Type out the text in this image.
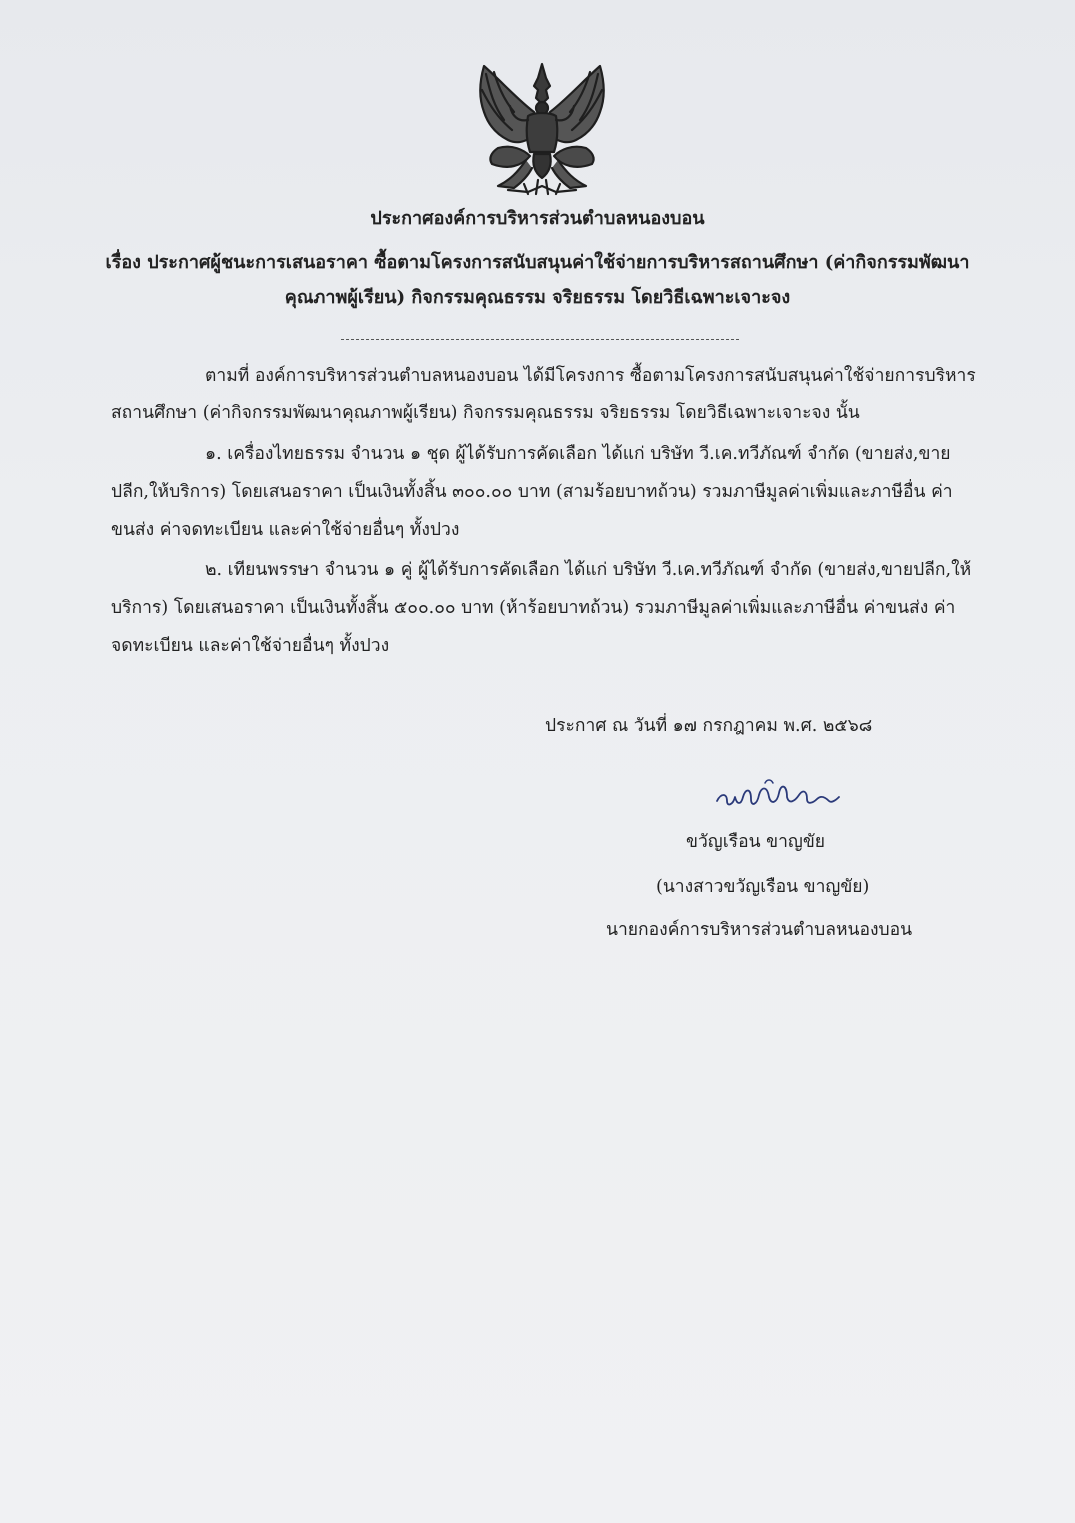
ประกาศองค์การบริหารส่วนตำบลหนองบอน
เรื่อง ประกาศผู้ชนะการเสนอราคา ซื้อตามโครงการสนับสนุนค่าใช้จ่ายการบริหารสถานศึกษา (ค่ากิจกรรมพัฒนา
คุณภาพผู้เรียน) กิจกรรมคุณธรรม จริยธรรม โดยวิธีเฉพาะเจาะจง
ตามที่ องค์การบริหารส่วนตำบลหนองบอน ได้มีโครงการ ซื้อตามโครงการสนับสนุนค่าใช้จ่ายการบริหาร
สถานศึกษา (ค่ากิจกรรมพัฒนาคุณภาพผู้เรียน) กิจกรรมคุณธรรม จริยธรรม โดยวิธีเฉพาะเจาะจง นั้น
๑. เครื่องไทยธรรม จำนวน ๑ ชุด ผู้ได้รับการคัดเลือก ได้แก่ บริษัท วี.เค.ทวีภัณฑ์ จำกัด (ขายส่ง,ขาย
ปลีก,ให้บริการ) โดยเสนอราคา เป็นเงินทั้งสิ้น ๓๐๐.๐๐ บาท (สามร้อยบาทถ้วน) รวมภาษีมูลค่าเพิ่มและภาษีอื่น ค่า
ขนส่ง ค่าจดทะเบียน และค่าใช้จ่ายอื่นๆ ทั้งปวง
๒. เทียนพรรษา จำนวน ๑ คู่ ผู้ได้รับการคัดเลือก ได้แก่ บริษัท วี.เค.ทวีภัณฑ์ จำกัด (ขายส่ง,ขายปลีก,ให้
บริการ) โดยเสนอราคา เป็นเงินทั้งสิ้น ๕๐๐.๐๐ บาท (ห้าร้อยบาทถ้วน) รวมภาษีมูลค่าเพิ่มและภาษีอื่น ค่าขนส่ง ค่า
จดทะเบียน และค่าใช้จ่ายอื่นๆ ทั้งปวง
ประกาศ ณ วันที่ ๑๗ กรกฎาคม พ.ศ. ๒๕๖๘
ขวัญเรือน ขาญขัย
(นางสาวขวัญเรือน ขาญขัย)
นายกองค์การบริหารส่วนตำบลหนองบอน
